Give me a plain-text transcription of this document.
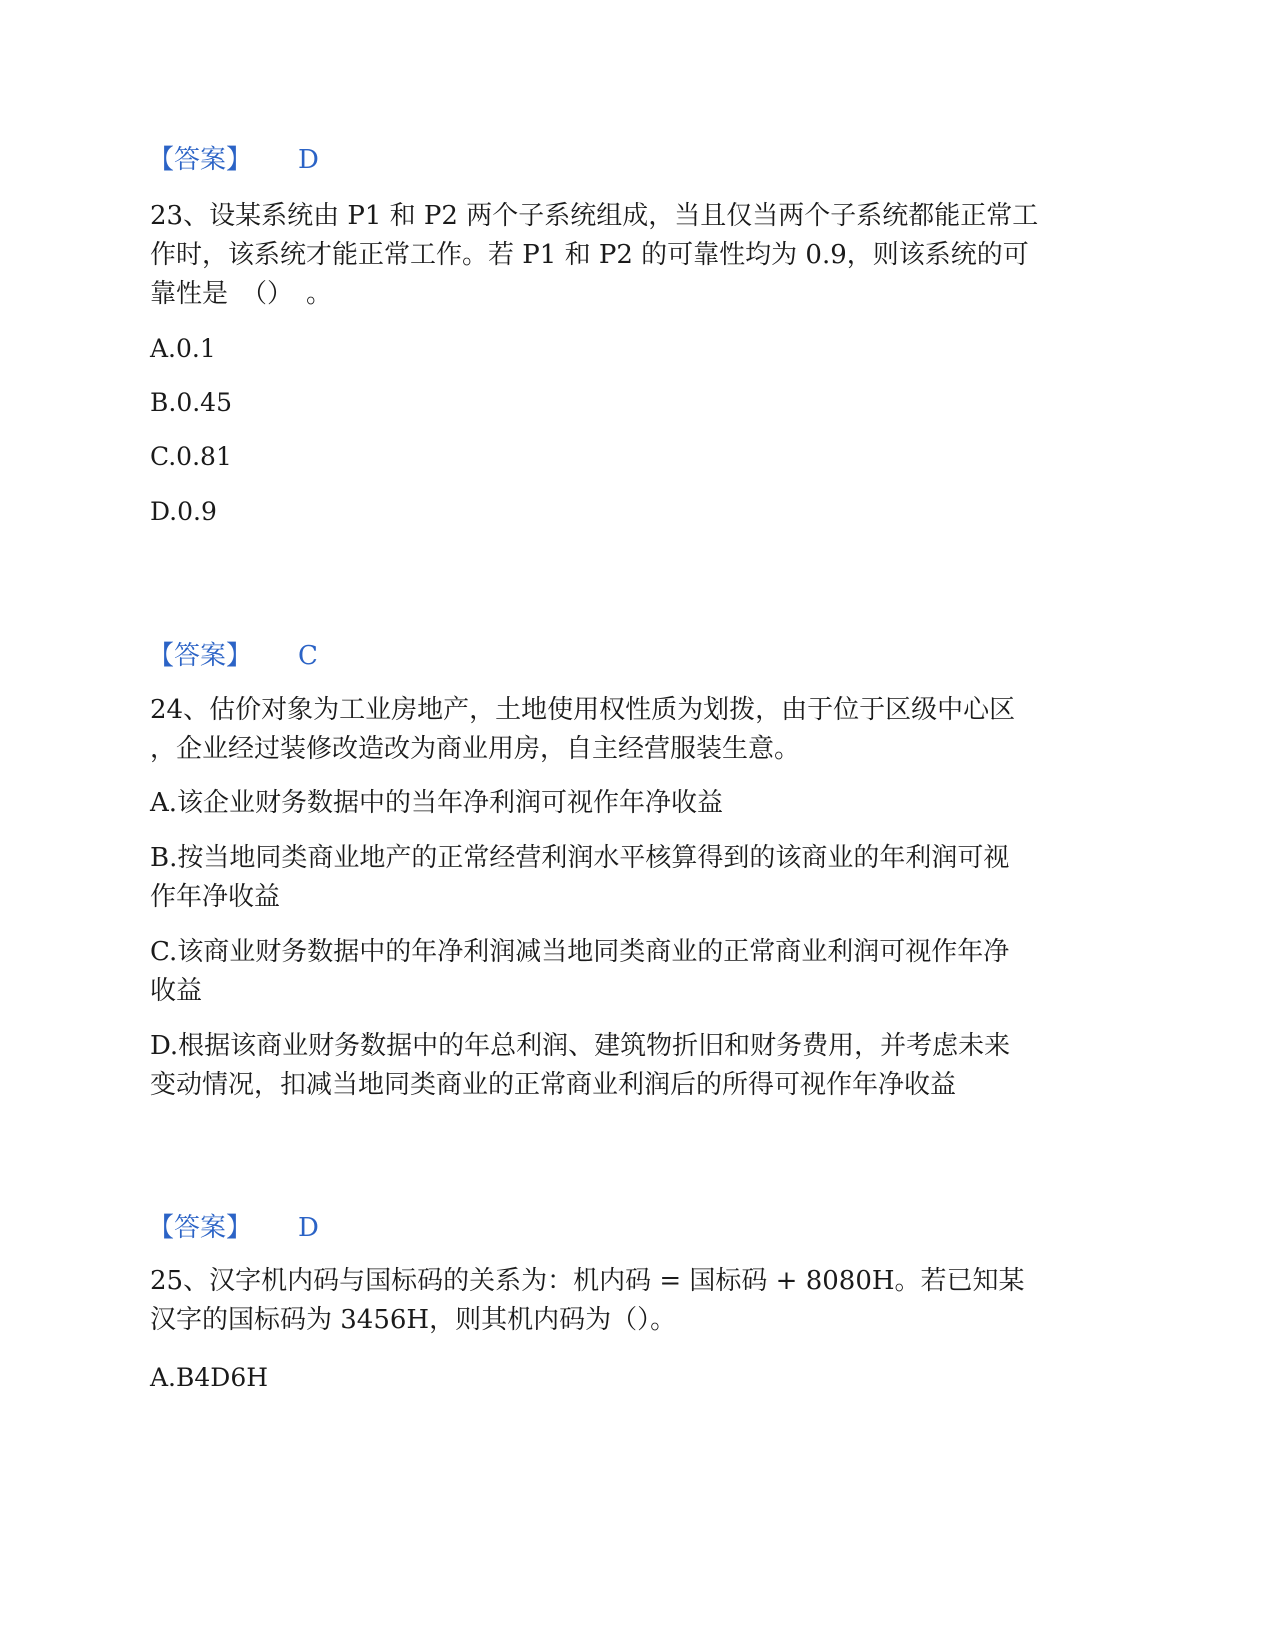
【答案】 D
23、设某系统由 P1 和 P2 两个子系统组成，当且仅当两个子系统都能正常工
作时，该系统才能正常工作。若 P1 和 P2 的可靠性均为 0.9，则该系统的可
靠性是　（）　。
A.0.1
B.0.45
C.0.81
D.0.9
【答案】 C
24、估价对象为工业房地产，土地使用权性质为划拨，由于位于区级中心区
，企业经过装修改造改为商业用房，自主经营服装生意。
A.该企业财务数据中的当年净利润可视作年净收益
B.按当地同类商业地产的正常经营利润水平核算得到的该商业的年利润可视
作年净收益
C.该商业财务数据中的年净利润减当地同类商业的正常商业利润可视作年净
收益
D.根据该商业财务数据中的年总利润、建筑物折旧和财务费用，并考虑未来
变动情况，扣减当地同类商业的正常商业利润后的所得可视作年净收益
【答案】 D
25、汉字机内码与国标码的关系为：机内码 = 国标码 + 8080H。若已知某
汉字的国标码为 3456H，则其机内码为（）。
A.B4D6H
